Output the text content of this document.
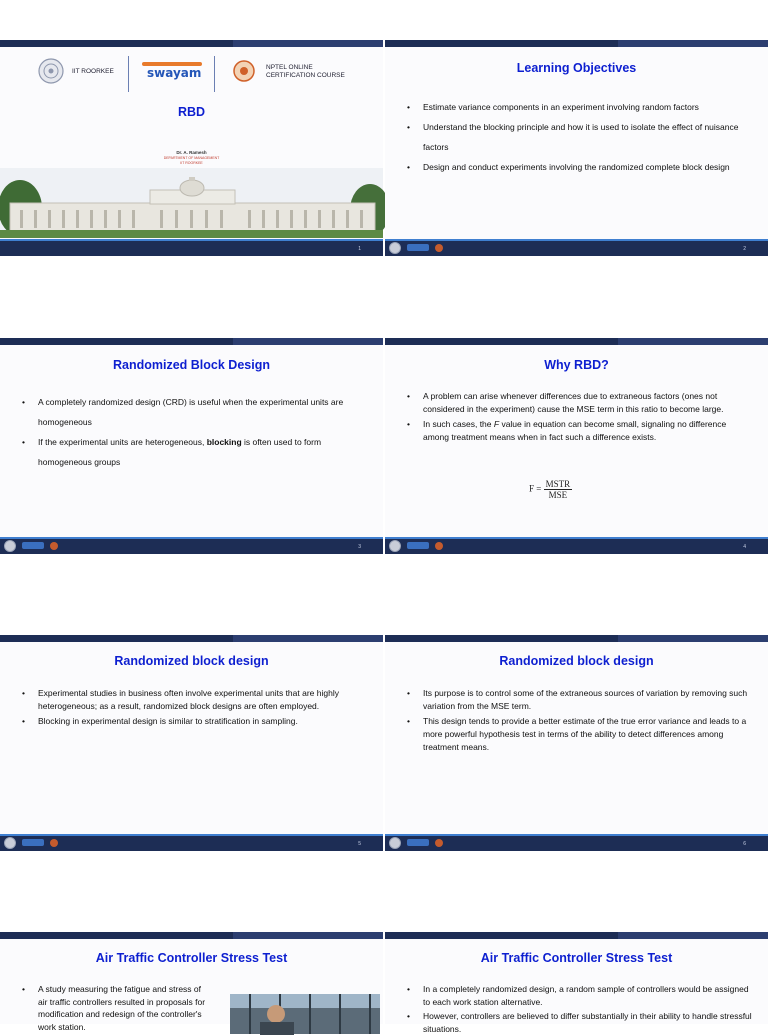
IIT ROORKEE	swayam	NPTEL ONLINE
CERTIFICATION COURSE
RBD
Dr. A. Ramesh
DEPARTMENT OF MANAGEMENT
IIT ROORKEE
1
Learning Objectives
• Estimate variance components in an experiment involving random factors
• Understand the blocking principle and how it is used to isolate the effect of nuisance factors
• Design and conduct experiments involving the randomized complete block design
2
Randomized Block Design
• A completely randomized design (CRD) is useful when the experimental units are homogeneous
• If the experimental units are heterogeneous, blocking is often used to form homogeneous groups
3
Why RBD?
• A problem can arise whenever differences due to extraneous factors (ones not considered in the experiment) cause the MSE term in this ratio to become large.
• In such cases, the F value in equation can become small, signaling no difference among treatment means when in fact such a difference exists.
$F = \frac{\text{MSTR}}{\text{MSE}}$
4
Randomized block design
• Experimental studies in business often involve experimental units that are highly heterogeneous; as a result, randomized block designs are often employed.
• Blocking in experimental design is similar to stratification in sampling.
5
Randomized block design
• Its purpose is to control some of the extraneous sources of variation by removing such variation from the MSE term.
• This design tends to provide a better estimate of the true error variance and leads to a more powerful hypothesis test in terms of the ability to detect differences among treatment means.
6
Air Traffic Controller Stress Test
• A study measuring the fatigue and stress of air traffic controllers resulted in proposals for modification and redesign of the controller's work station.
Air Traffic Controller Stress Test
• In a completely randomized design, a random sample of controllers would be assigned to each work station alternative.
• However, controllers are believed to differ substantially in their ability to handle stressful situations.
